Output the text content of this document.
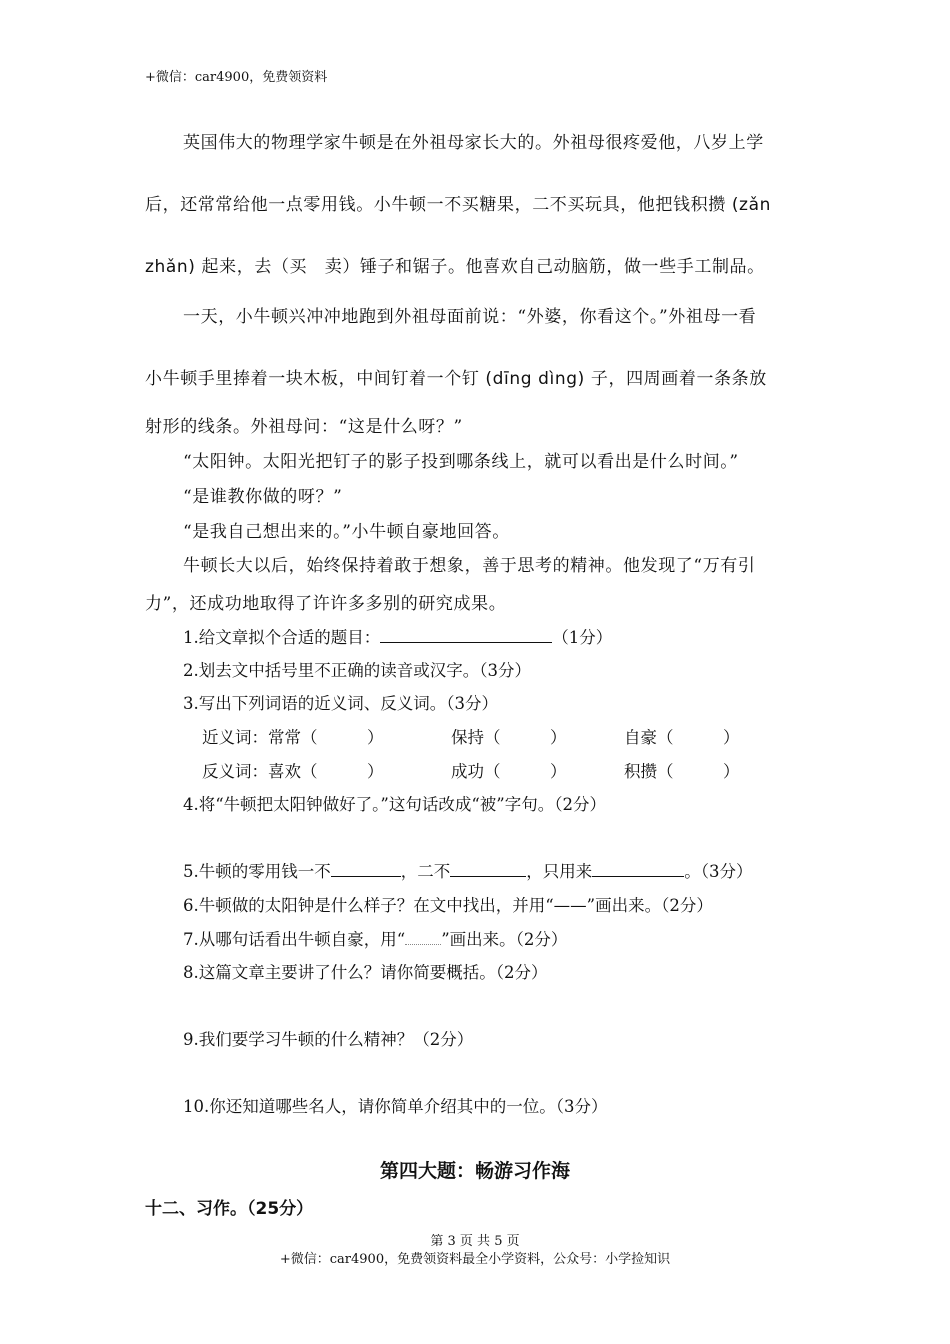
+微信：car4900，免费领资料
英国伟大的物理学家牛顿是在外祖母家长大的。外祖母很疼爱他，八岁上学
后，还常常给他一点零用钱。小牛顿一不买糖果，二不买玩具，他把钱积攒 (zǎn
zhǎn) 起来，去（买　卖）锤子和锯子。他喜欢自己动脑筋，做一些手工制品。
一天，小牛顿兴冲冲地跑到外祖母面前说：“外婆，你看这个。”外祖母一看
小牛顿手里捧着一块木板，中间钉着一个钉 (dīng dìng) 子，四周画着一条条放
射形的线条。外祖母问：“这是什么呀？”
“太阳钟。太阳光把钉子的影子投到哪条线上，就可以看出是什么时间。”
“是谁教你做的呀？”
“是我自己想出来的。”小牛顿自豪地回答。
牛顿长大以后，始终保持着敢于想象，善于思考的精神。他发现了“万有引
力”，还成功地取得了许许多多别的研究成果。
1.给文章拟个合适的题目：	（1分）
2.划去文中括号里不正确的读音或汉字。（3分）
3.写出下列词语的近义词、反义词。（3分）
近义词：常常（　　　）	保持（　　　）	自豪（　　　）
反义词：喜欢（　　　）	成功（　　　）	积攒（　　　）
4.将“牛顿把太阳钟做好了。”这句话改成“被”字句。（2分）
5.牛顿的零用钱一不	，二不	，只用来	。（3分）
6.牛顿做的太阳钟是什么样子？在文中找出，并用“——”画出来。（2分）
7.从哪句话看出牛顿自豪，用“ ”画出来。（2分）
8.这篇文章主要讲了什么？请你简要概括。（2分）
9.我们要学习牛顿的什么精神？（2分）
10.你还知道哪些名人，请你简单介绍其中的一位。（3分）
第四大题：畅游习作海
十二、习作。（25分）
第 3 页 共 5 页
+微信：car4900，免费领资料最全小学资料，公众号：小学捡知识
